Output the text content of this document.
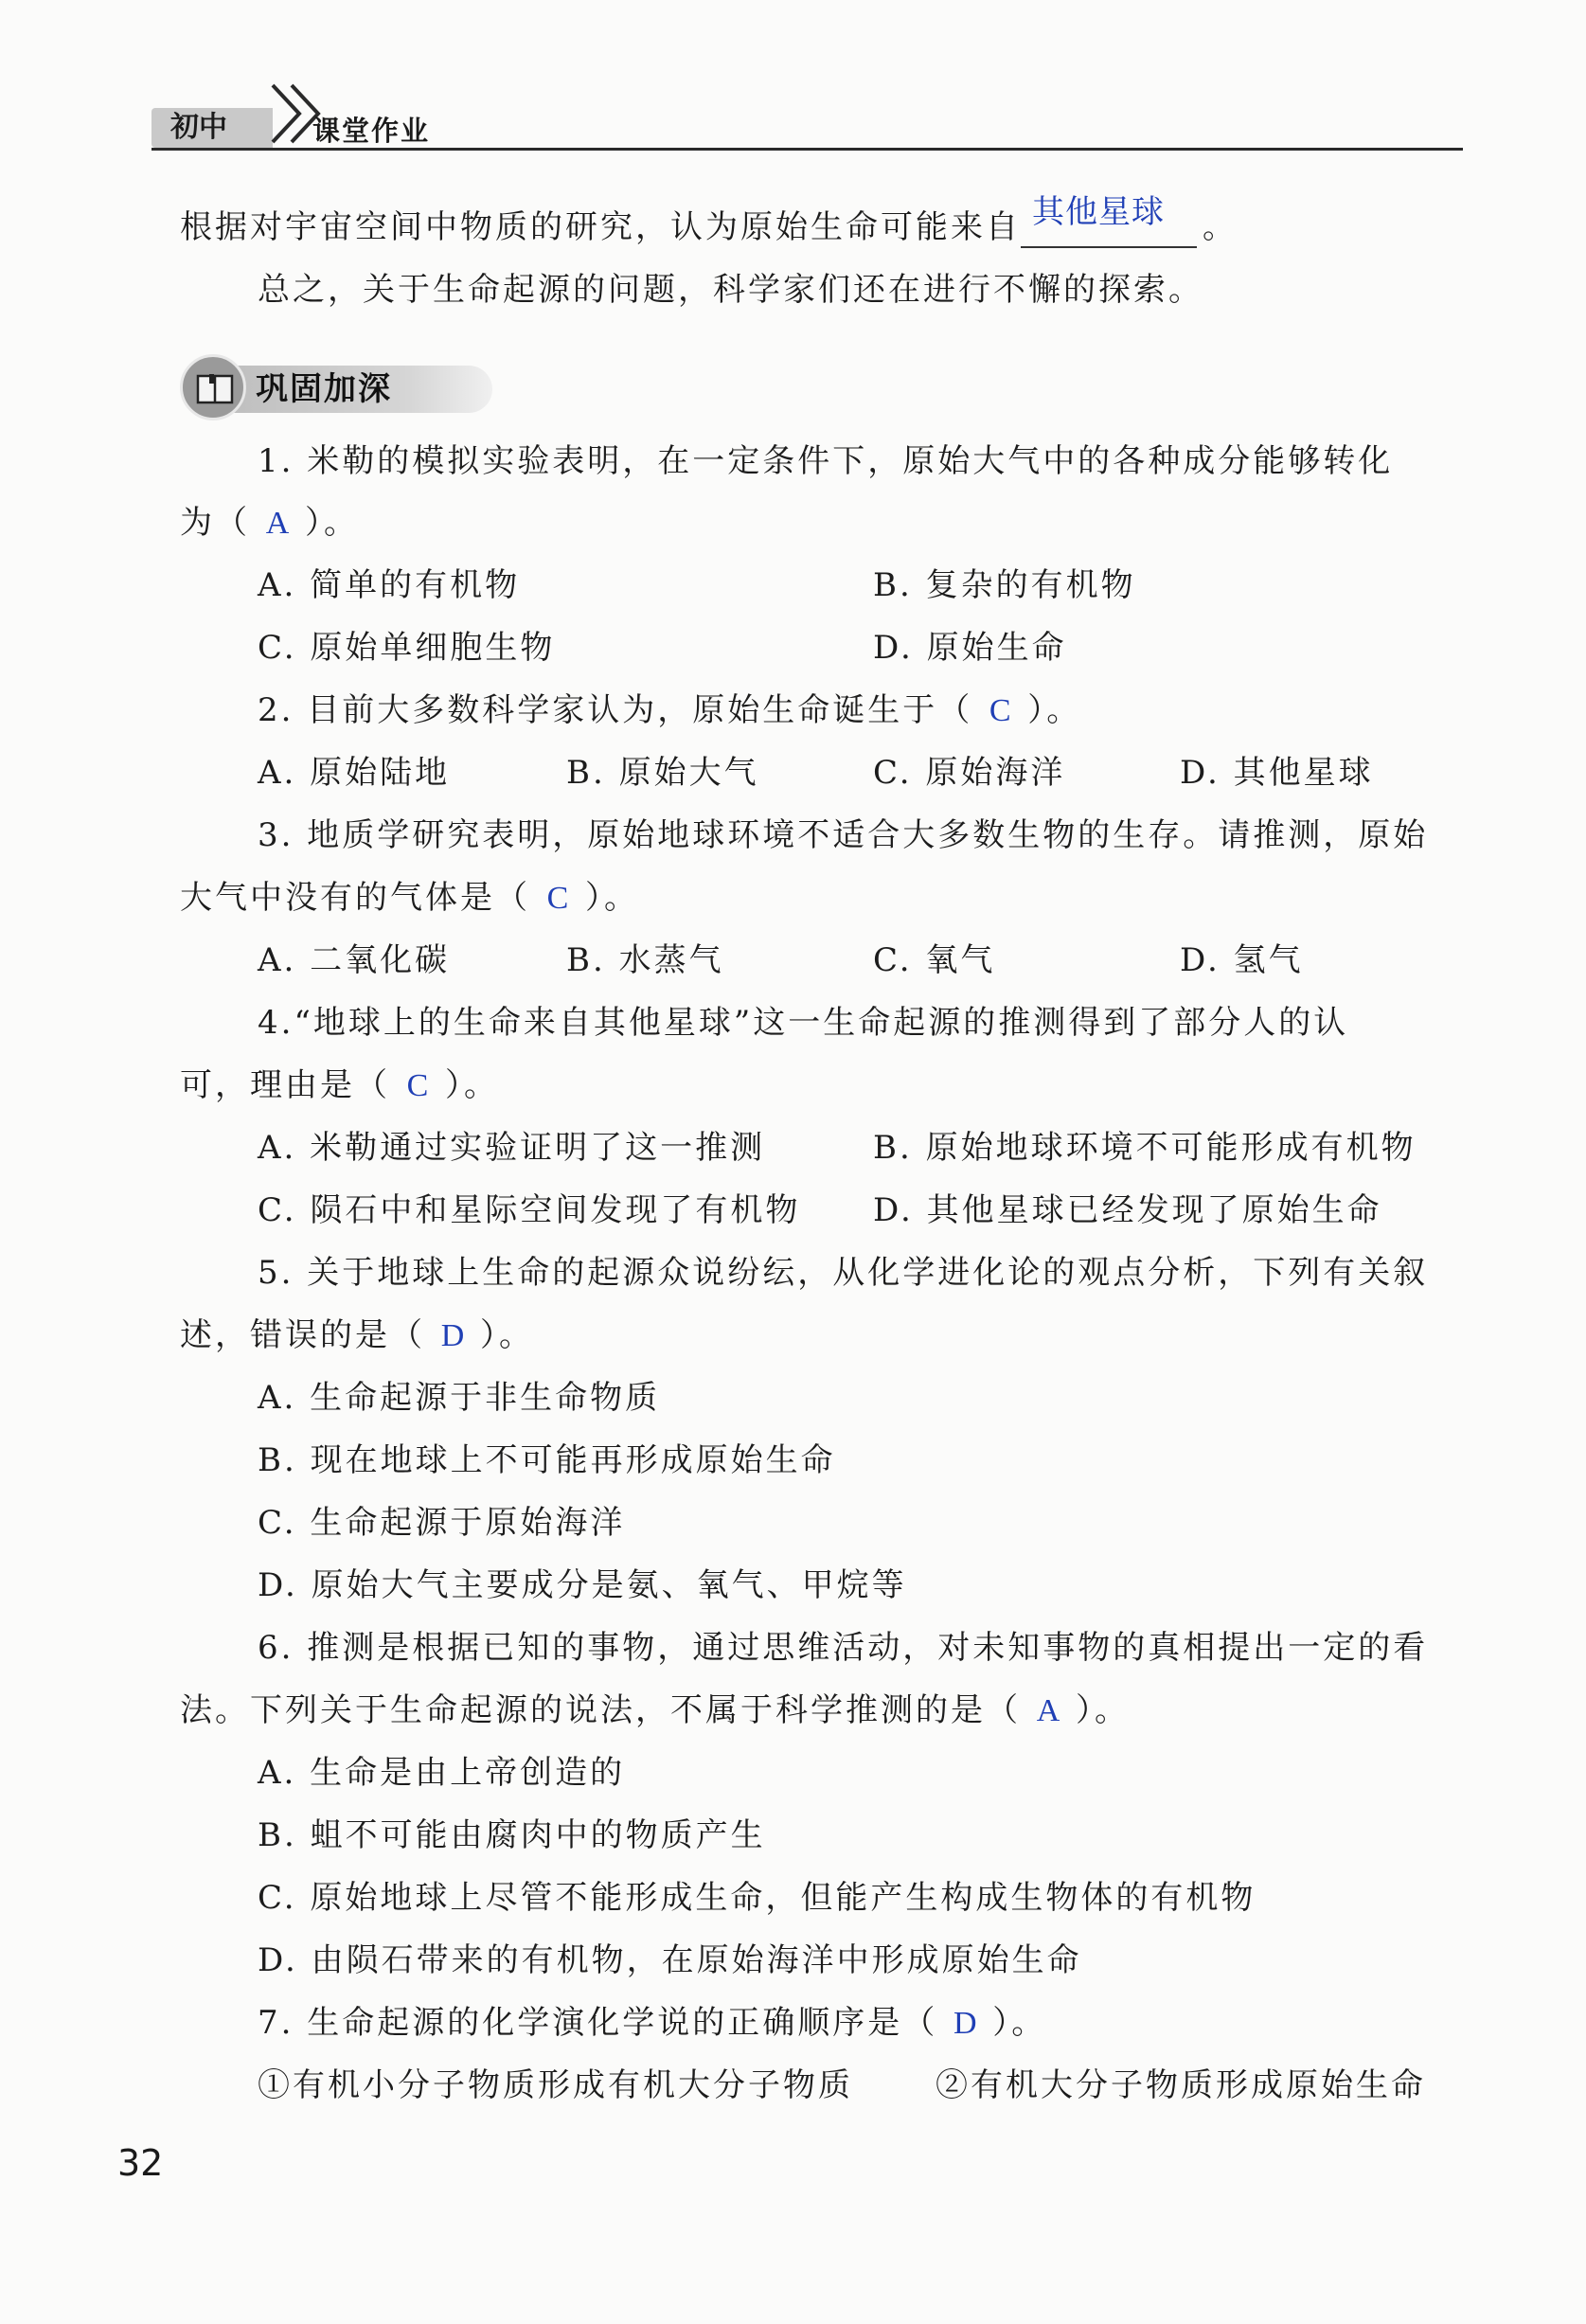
初中	课堂作业
根据对宇宙空间中物质的研究，认为原始生命可能来自 其他星球 。
总之，关于生命起源的问题，科学家们还在进行不懈的探索。
巩固加深
1. 米勒的模拟实验表明，在一定条件下，原始大气中的各种成分能够转化
为（ A ）。
A. 简单的有机物	B. 复杂的有机物
C. 原始单细胞生物	D. 原始生命
2. 目前大多数科学家认为，原始生命诞生于（ C ）。
A. 原始陆地	B. 原始大气	C. 原始海洋	D. 其他星球
3. 地质学研究表明，原始地球环境不适合大多数生物的生存。请推测，原始
大气中没有的气体是（ C ）。
A. 二氧化碳	B. 水蒸气	C. 氧气	D. 氢气
4.“地球上的生命来自其他星球”这一生命起源的推测得到了部分人的认
可，理由是（ C ）。
A. 米勒通过实验证明了这一推测	B. 原始地球环境不可能形成有机物
C. 陨石中和星际空间发现了有机物 D. 其他星球已经发现了原始生命
5. 关于地球上生命的起源众说纷纭，从化学进化论的观点分析，下列有关叙
述，错误的是（ D ）。
A. 生命起源于非生命物质
B. 现在地球上不可能再形成原始生命
C. 生命起源于原始海洋
D. 原始大气主要成分是氨、氧气、甲烷等
6. 推测是根据已知的事物，通过思维活动，对未知事物的真相提出一定的看
法。下列关于生命起源的说法，不属于科学推测的是（ A ）。
A. 生命是由上帝创造的
B. 蛆不可能由腐肉中的物质产生
C. 原始地球上尽管不能形成生命，但能产生构成生物体的有机物
D. 由陨石带来的有机物，在原始海洋中形成原始生命
7. 生命起源的化学演化学说的正确顺序是（ D ）。
①有机小分子物质形成有机大分子物质	②有机大分子物质形成原始生命
32
